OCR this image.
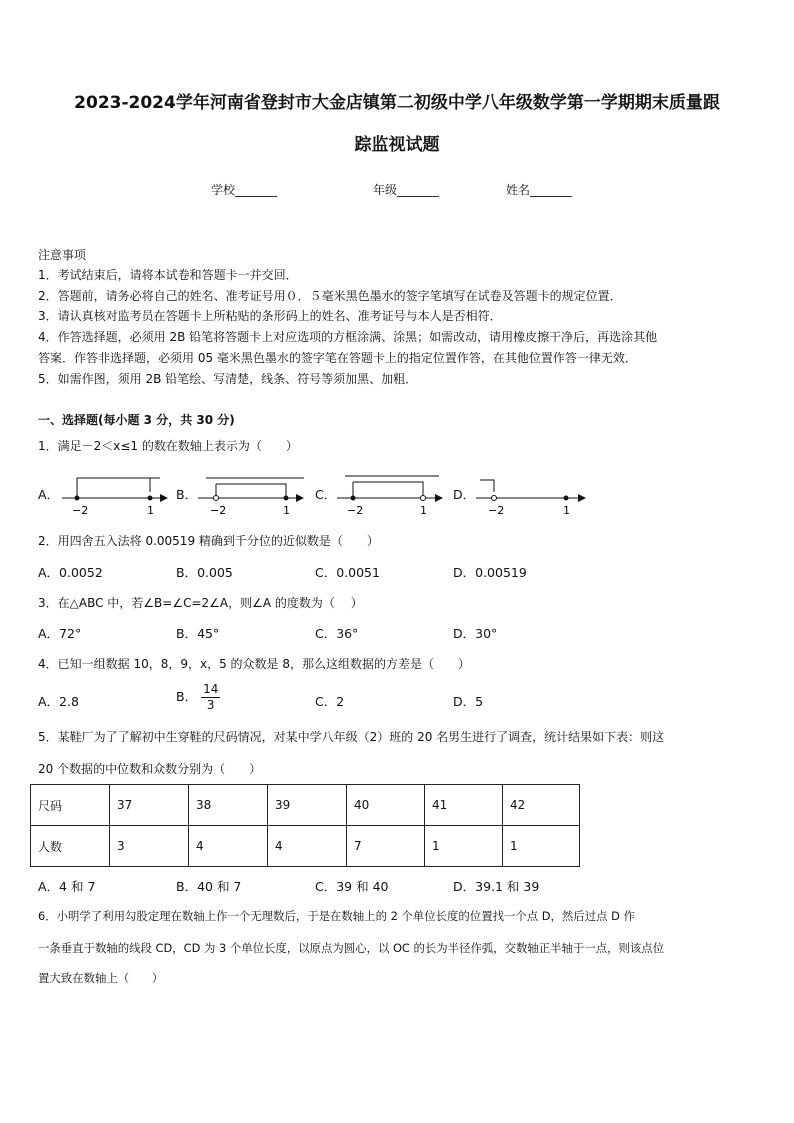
2023-2024学年河南省登封市大金店镇第二初级中学八年级数学第一学期期末质量跟
踪监视试题
学校_______	年级_______	姓名_______
注意事项
1．考试结束后，请将本试卷和答题卡一并交回．
2．答题前，请务必将自己的姓名、准考证号用０．５毫米黑色墨水的签字笔填写在试卷及答题卡的规定位置．
3．请认真核对监考员在答题卡上所粘贴的条形码上的姓名、准考证号与本人是否相符．
4．作答选择题，必须用 2B 铅笔将答题卡上对应选项的方框涂满、涂黑；如需改动，请用橡皮擦干净后，再选涂其他
答案．作答非选择题，必须用 05 毫米黑色墨水的签字笔在答题卡上的指定位置作答，在其他位置作答一律无效．
5．如需作图，须用 2B 铅笔绘、写清楚，线条、符号等须加黑、加粗．
一、选择题(每小题 3 分，共 30 分)
1．满足－2＜x≤1 的数在数轴上表示为（　　）
A．
−2	1
B．
−2	1
C．
−2	1
D．
−2	1
2．用四舍五入法将 0.00519 精确到千分位的近似数是（　　）
A．0.0052	B．0.005	C．0.0051	D．0.00519
3．在△ABC 中，若∠B=∠C=2∠A，则∠A 的度数为（　 ）
A．72°	B．45°	C．36°	D．30°
4．已知一组数据 10，8，9，x，5 的众数是 8，那么这组数据的方差是（　　）
A．2.8	B． $\frac{14}{3}$	C．2	D．5
5．某鞋厂为了了解初中生穿鞋的尺码情况，对某中学八年级（2）班的 20 名男生进行了调查，统计结果如下表：则这
20 个数据的中位数和众数分别为（　　）
尺码	37	38	39	40	41	42
人数	3	4	4	7	1	1
A．4 和 7	B．40 和 7	C．39 和 40	D．39.1 和 39
6．小明学了利用勾股定理在数轴上作一个无理数后，于是在数轴上的 2 个单位长度的位置找一个点 D，然后过点 D 作
一条垂直于数轴的线段 CD，CD 为 3 个单位长度，以原点为圆心，以 OC 的长为半径作弧，交数轴正半轴于一点，则该点位
置大致在数轴上（　　）
